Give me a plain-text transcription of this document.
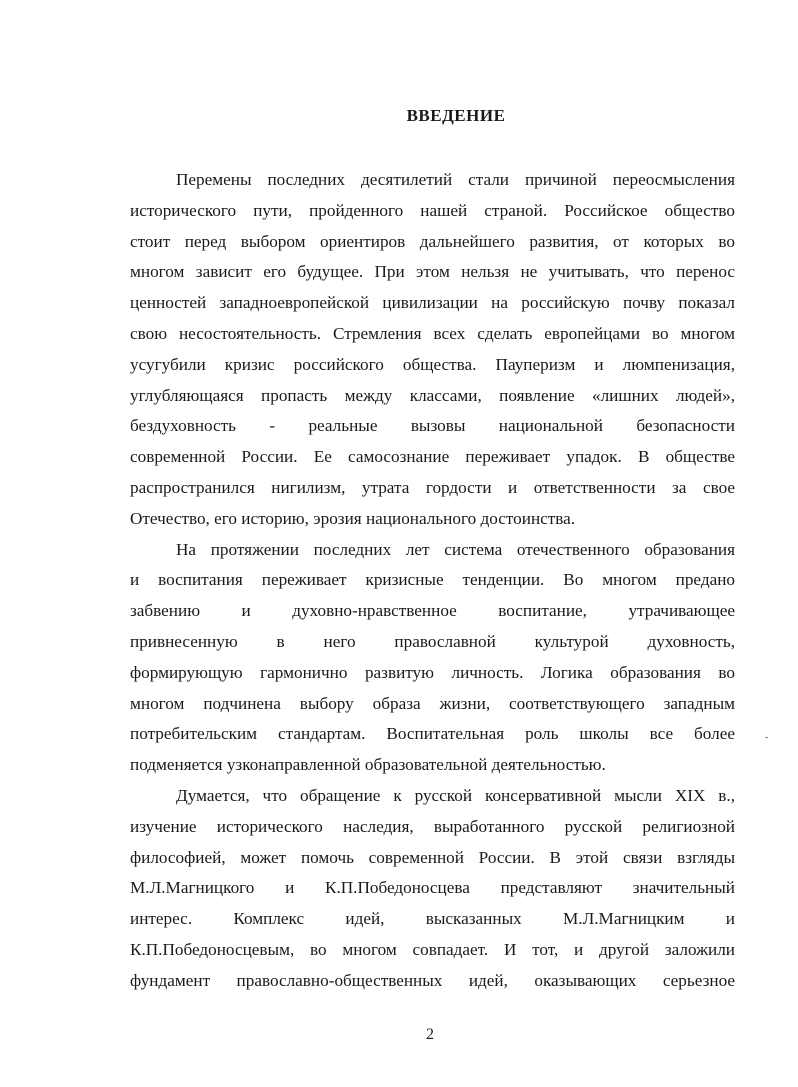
ВВЕДЕНИЕ
Перемены последних десятилетий стали причиной переосмысления
исторического пути, пройденного нашей страной. Российское общество
стоит перед выбором ориентиров дальнейшего развития, от которых во
многом зависит его будущее. При этом нельзя не учитывать, что перенос
ценностей западноевропейской цивилизации на российскую почву показал
свою несостоятельность. Стремления всех сделать европейцами во многом
усугубили кризис российского общества. Пауперизм и люмпенизация,
углубляющаяся пропасть между классами, появление «лишних людей»,
бездуховность - реальные вызовы национальной безопасности
современной России. Ее самосознание переживает упадок. В обществе
распространился нигилизм, утрата гордости и ответственности за свое
Отечество, его историю, эрозия национального достоинства.
На протяжении последних лет система отечественного образования
и воспитания переживает кризисные тенденции. Во многом предано
забвению и духовно-нравственное воспитание, утрачивающее
привнесенную в него православной культурой духовность,
формирующую гармонично развитую личность. Логика образования во
многом подчинена выбору образа жизни, соответствующего западным
потребительским стандартам. Воспитательная роль школы все более
подменяется узконаправленной образовательной деятельностью.
Думается, что обращение к русской консервативной мысли XIX в.,
изучение исторического наследия, выработанного русской религиозной
философией, может помочь современной России. В этой связи взгляды
М.Л.Магницкого и К.П.Победоносцева представляют значительный
интерес. Комплекс идей, высказанных М.Л.Магницким и
К.П.Победоносцевым, во многом совпадает. И тот, и другой заложили
фундамент православно-общественных идей, оказывающих серьезное
2
